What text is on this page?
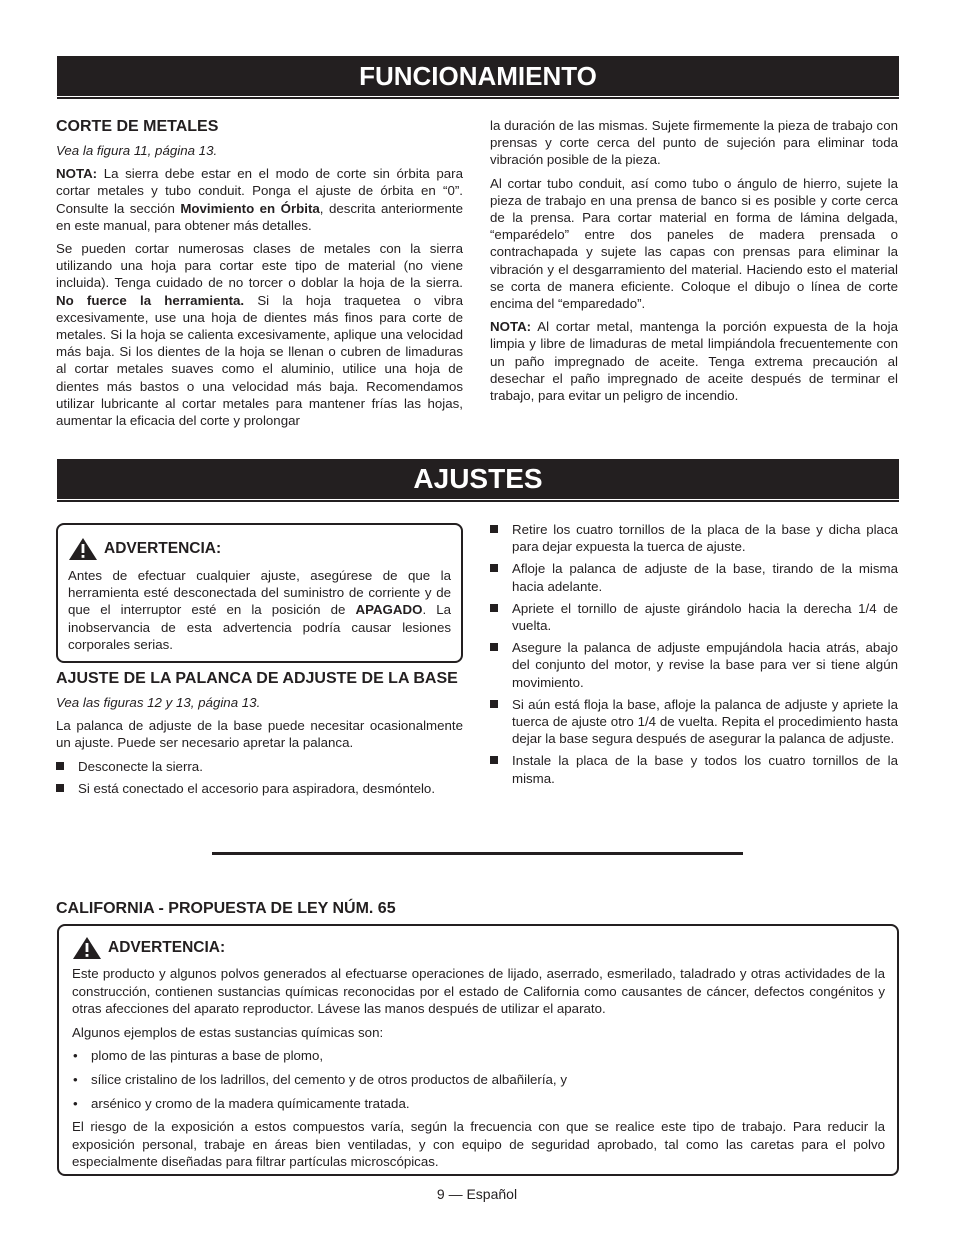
FUNCIONAMIENTO

CORTE DE METALES

Vea la figura 11, página 13.

NOTA: La sierra debe estar en el modo de corte sin órbita para cortar metales y tubo conduit. Ponga el ajuste de órbita en “0”. Consulte la sección Movimiento en Órbita, descrita anteriormente en este manual, para obtener más detalles.

Se pueden cortar numerosas clases de metales con la sierra utilizando una hoja para cortar este tipo de material (no viene incluida). Tenga cuidado de no torcer o doblar la hoja de la sierra. No fuerce la herramienta. Si la hoja traquetea o vibra excesivamente, use una hoja de dientes más finos para corte de metales. Si la hoja se calienta excesivamente, aplique una velocidad más baja. Si los dientes de la hoja se llenan o cubren de limaduras al cortar metales suaves como el aluminio, utilice una hoja de dientes más bastos o una velocidad más baja. Recomendamos utilizar lubricante al cortar metales para mantener frías las hojas, aumentar la eficacia del corte y prolongar

la duración de las mismas. Sujete firmemente la pieza de trabajo con prensas y corte cerca del punto de sujeción para eliminar toda vibración posible de la pieza.

Al cortar tubo conduit, así como tubo o ángulo de hierro, sujete la pieza de trabajo en una prensa de banco si es posible y corte cerca de la prensa. Para cortar material en forma de lámina delgada, “emparédelo” entre dos paneles de madera prensada o contrachapada y sujete las capas con prensas para eliminar la vibración y el desgarramiento del material. Haciendo esto el material se corta de manera eficiente. Coloque el dibujo o línea de corte encima del “emparedado”.

NOTA: Al cortar metal, mantenga la porción expuesta de la hoja limpia y libre de limaduras de metal limpiándola frecuentemente con un paño impregnado de aceite. Tenga extrema precaución al desechar el paño impregnado de aceite después de terminar el trabajo, para evitar un peligro de incendio.

AJUSTES
ADVERTENCIA:

Antes de efectuar cualquier ajuste, asegúrese de que la herramienta esté desconectada del suministro de corriente y de que el interruptor esté en la posición de APAGADO. La inobservancia de esta advertencia podría causar lesiones corporales serias.

AJUSTE DE LA PALANCA DE ADJUSTE DE LA BASE

Vea las figuras 12 y 13, página 13.

La palanca de adjuste de la base puede necesitar ocasionalmente un ajuste. Puede ser necesario apretar la palanca.

Desconecte la sierra.
Si está conectado el accesorio para aspiradora, desmóntelo.
Retire los cuatro tornillos de la placa de la base y dicha placa para dejar expuesta la tuerca de ajuste.
Afloje la palanca de adjuste de la base, tirando de la misma hacia adelante.
Apriete el tornillo de ajuste girándolo hacia la derecha 1/4 de vuelta.
Asegure la palanca de adjuste empujándola hacia atrás, abajo del conjunto del motor, y revise la base para ver si tiene algún movimiento.
Si aún está floja la base, afloje la palanca de adjuste y apriete la tuerca de ajuste otro 1/4 de vuelta. Repita el procedimiento hasta dejar la base segura después de asegurar la palanca de adjuste.
Instale la placa de la base y todos los cuatro tornillos de la misma.

CALIFORNIA - PROPUESTA DE LEY NÚM. 65

ADVERTENCIA:

Este producto y algunos polvos generados al efectuarse operaciones de lijado, aserrado, esmerilado, taladrado y otras actividades de la construcción, contienen sustancias químicas reconocidas por el estado de California como causantes de cáncer, defectos congénitos y otras afecciones del aparato reproductor. Lávese las manos después de utilizar el aparato.

Algunos ejemplos de estas sustancias químicas son:

• plomo de las pinturas a base de plomo,
• sílice cristalino de los ladrillos, del cemento y de otros productos de albañilería, y
• arsénico y cromo de la madera químicamente tratada.

El riesgo de la exposición a estos compuestos varía, según la frecuencia con que se realice este tipo de trabajo. Para reducir la exposición personal, trabaje en áreas bien ventiladas, y con equipo de seguridad aprobado, tal como las caretas para el polvo especialmente diseñadas para filtrar partículas microscópicas.

9 — Español
